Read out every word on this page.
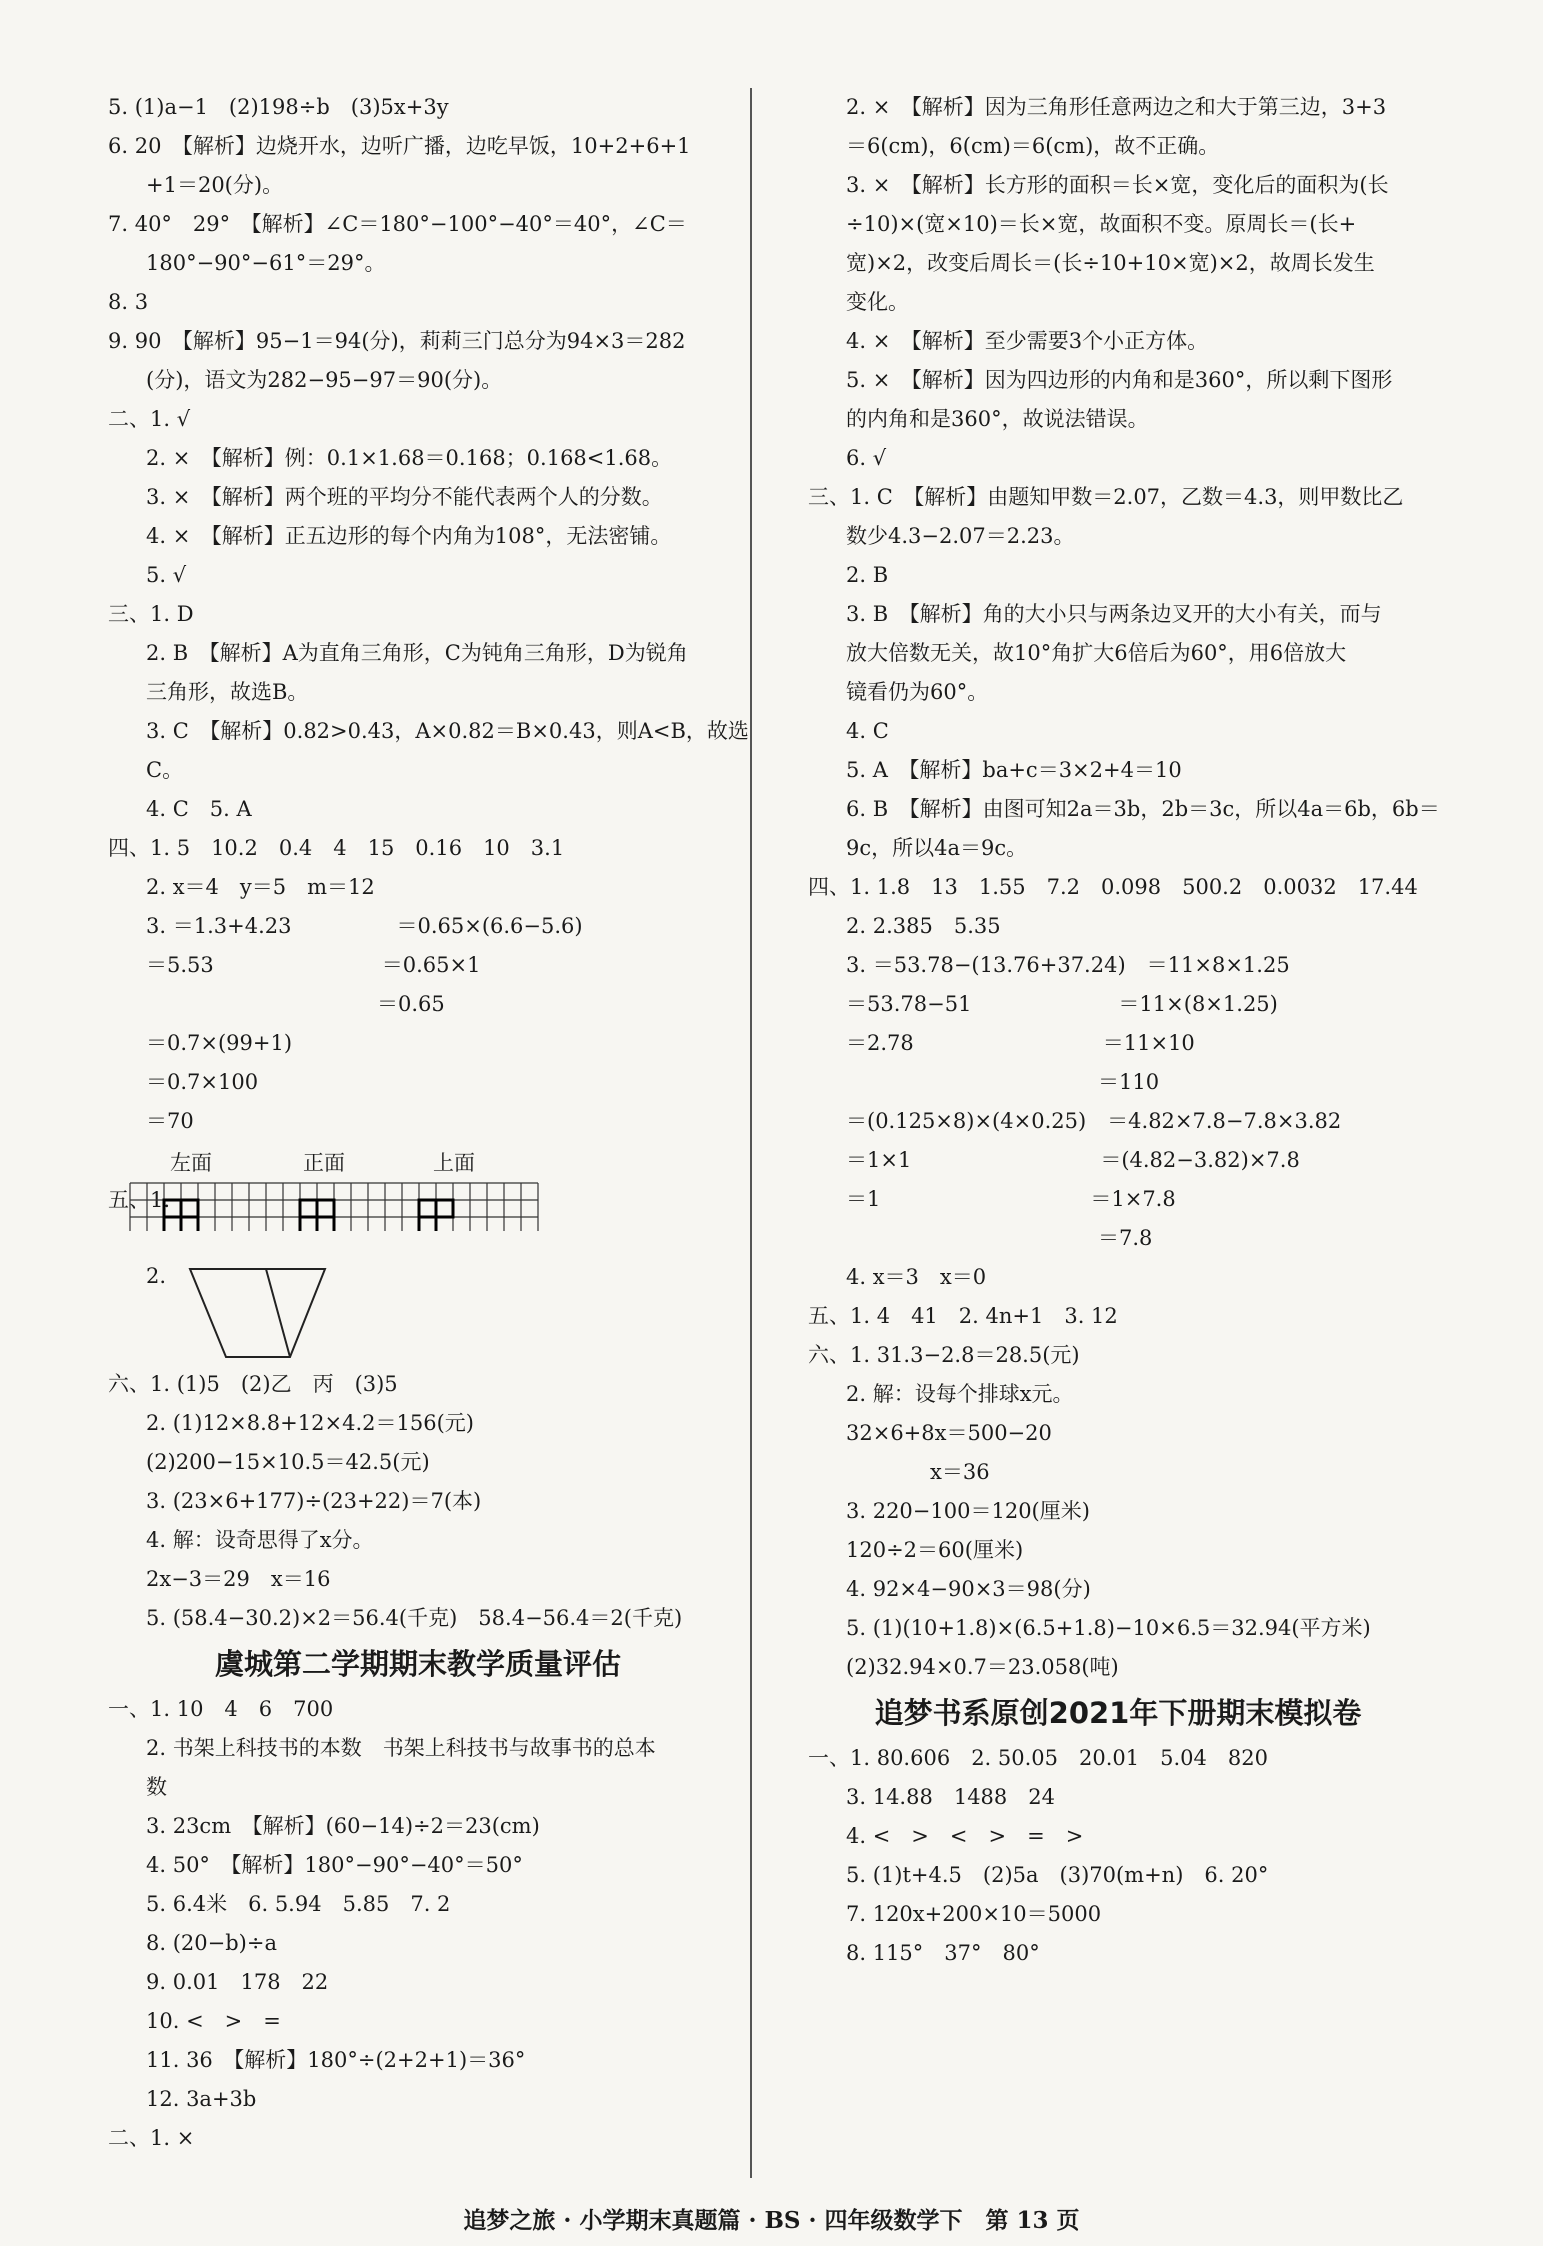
5. (1)a−1　(2)198÷b　(3)5x+3y
6. 20　【解析】边烧开水，边听广播，边吃早饭，10+2+6+1
+1＝20(分)。
7. 40°　29°　【解析】∠C＝180°−100°−40°＝40°，∠C＝
180°−90°−61°＝29°。
8. 3
9. 90　【解析】95−1＝94(分)，莉莉三门总分为94×3＝282
(分)，语文为282−95−97＝90(分)。
二、1. √
2. ×　【解析】例：0.1×1.68＝0.168；0.168<1.68。
3. ×　【解析】两个班的平均分不能代表两个人的分数。
4. ×　【解析】正五边形的每个内角为108°，无法密铺。
5. √
三、1. D
2. B　【解析】A为直角三角形，C为钝角三角形，D为锐角
三角形，故选B。
3. C　【解析】0.82>0.43，A×0.82＝B×0.43，则A<B，故选
C。
4. C　5. A
四、1. 5　10.2　0.4　4　15　0.16　10　3.1
2. x＝4　y＝5　m＝12
3. ＝1.3+4.23　　　　　＝0.65×(6.6−5.6)
＝5.53　　　　　　　　＝0.65×1
　　　　　　　　　　　＝0.65
＝0.7×(99+1)
＝0.7×100
＝70
五、1.
左面	正面	上面
2.
六、1. (1)5　(2)乙　丙　(3)5
2. (1)12×8.8+12×4.2＝156(元)
(2)200−15×10.5＝42.5(元)
3. (23×6+177)÷(23+22)＝7(本)
4. 解：设奇思得了x分。
2x−3＝29　x＝16
5. (58.4−30.2)×2＝56.4(千克)　58.4−56.4＝2(千克)
虞城第二学期期末教学质量评估
一、1. 10　4　6　700
2. 书架上科技书的本数　书架上科技书与故事书的总本
数
3. 23cm　【解析】(60−14)÷2＝23(cm)
4. 50°　【解析】180°−90°−40°＝50°
5. 6.4米　6. 5.94　5.85　7. 2
8. (20−b)÷a
9. 0.01　178　22
10. <　>　=
11. 36　【解析】180°÷(2+2+1)＝36°
12. 3a+3b
二、1. ×
2. ×　【解析】因为三角形任意两边之和大于第三边，3+3
＝6(cm)，6(cm)＝6(cm)，故不正确。
3. ×　【解析】长方形的面积＝长×宽，变化后的面积为(长
÷10)×(宽×10)＝长×宽，故面积不变。原周长＝(长+
宽)×2，改变后周长＝(长÷10+10×宽)×2，故周长发生
变化。
4. ×　【解析】至少需要3个小正方体。
5. ×　【解析】因为四边形的内角和是360°，所以剩下图形
的内角和是360°，故说法错误。
6. √
三、1. C　【解析】由题知甲数＝2.07，乙数＝4.3，则甲数比乙
数少4.3−2.07＝2.23。
2. B
3. B　【解析】角的大小只与两条边叉开的大小有关，而与
放大倍数无关，故10°角扩大6倍后为60°，用6倍放大
镜看仍为60°。
4. C
5. A　【解析】ba+c＝3×2+4＝10
6. B　【解析】由图可知2a＝3b，2b＝3c，所以4a＝6b，6b＝
9c，所以4a＝9c。
四、1. 1.8　13　1.55　7.2　0.098　500.2　0.0032　17.44
2. 2.385　5.35
3. ＝53.78−(13.76+37.24)　＝11×8×1.25
＝53.78−51　　　　　　　＝11×(8×1.25)
＝2.78　　　　　　　　　＝11×10
　　　　　　　　　　　　＝110
＝(0.125×8)×(4×0.25)　＝4.82×7.8−7.8×3.82
＝1×1　　　　　　　　　＝(4.82−3.82)×7.8
＝1　　　　　　　　　　＝1×7.8
　　　　　　　　　　　　＝7.8
4. x＝3　x＝0
五、1. 4　41　2. 4n+1　3. 12
六、1. 31.3−2.8＝28.5(元)
2. 解：设每个排球x元。
32×6+8x＝500−20
　　　　x＝36
3. 220−100＝120(厘米)
120÷2＝60(厘米)
4. 92×4−90×3＝98(分)
5. (1)(10+1.8)×(6.5+1.8)−10×6.5＝32.94(平方米)
(2)32.94×0.7＝23.058(吨)
追梦书系原创2021年下册期末模拟卷
一、1. 80.606　2. 50.05　20.01　5.04　820
3. 14.88　1488　24
4. <　>　<　>　=　>
5. (1)t+4.5　(2)5a　(3)70(m+n)　6. 20°
7. 120x+200×10＝5000
8. 115°　37°　80°
追梦之旅 · 小学期末真题篇 · BS · 四年级数学下　第 13 页
